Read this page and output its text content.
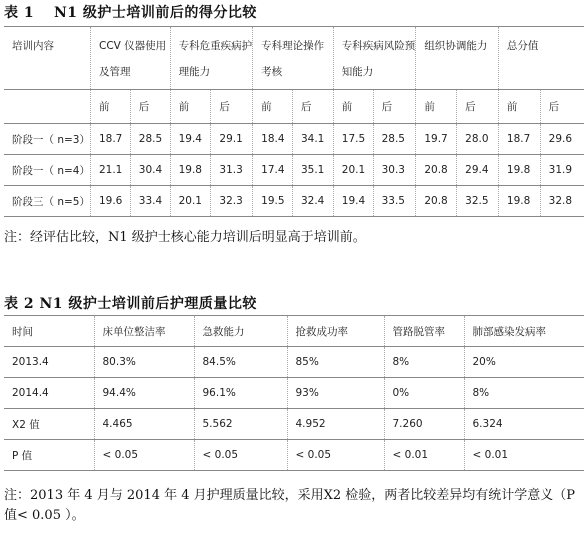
表 1　 N1 级护士培训前后的得分比较
培训内容	CCV 仪器使用及管理		专科危重疾病护理能力		专科理论操作考核		专科疾病风险预知能力		组织协调能力		总分值	
	前	后	前	后	前	后	前	后	前	后	前	后
阶段一（ n=3）	18.7	28.5	19.4	29.1	18.4	34.1	17.5	28.5	19.7	28.0	18.7	29.6
阶段一（ n=4）	21.1	30.4	19.8	31.3	17.4	35.1	20.1	30.3	20.8	29.4	19.8	31.9
阶段三（ n=5）	19.6	33.4	20.1	32.3	19.5	32.4	19.4	33.5	20.8	32.5	19.8	32.8
注：经评估比较，N1 级护士核心能力培训后明显高于培训前。
表 2 N1 级护士培训前后护理质量比较
时间	床单位整洁率	急救能力	抢救成功率	管路脱管率	肺部感染发病率
2013.4	80.3%	84.5%	85%	8%	20%
2014.4	94.4%	96.1%	93%	0%	8%
X2 值	4.465	5.562	4.952	7.260	6.324
P 值	< 0.05	< 0.05	< 0.05	< 0.01	< 0.01
注：2013 年 4 月与 2014 年 4 月护理质量比较，采用X2 检验，两者比较差异均有统计学意义（P 值< 0.05 ）。
